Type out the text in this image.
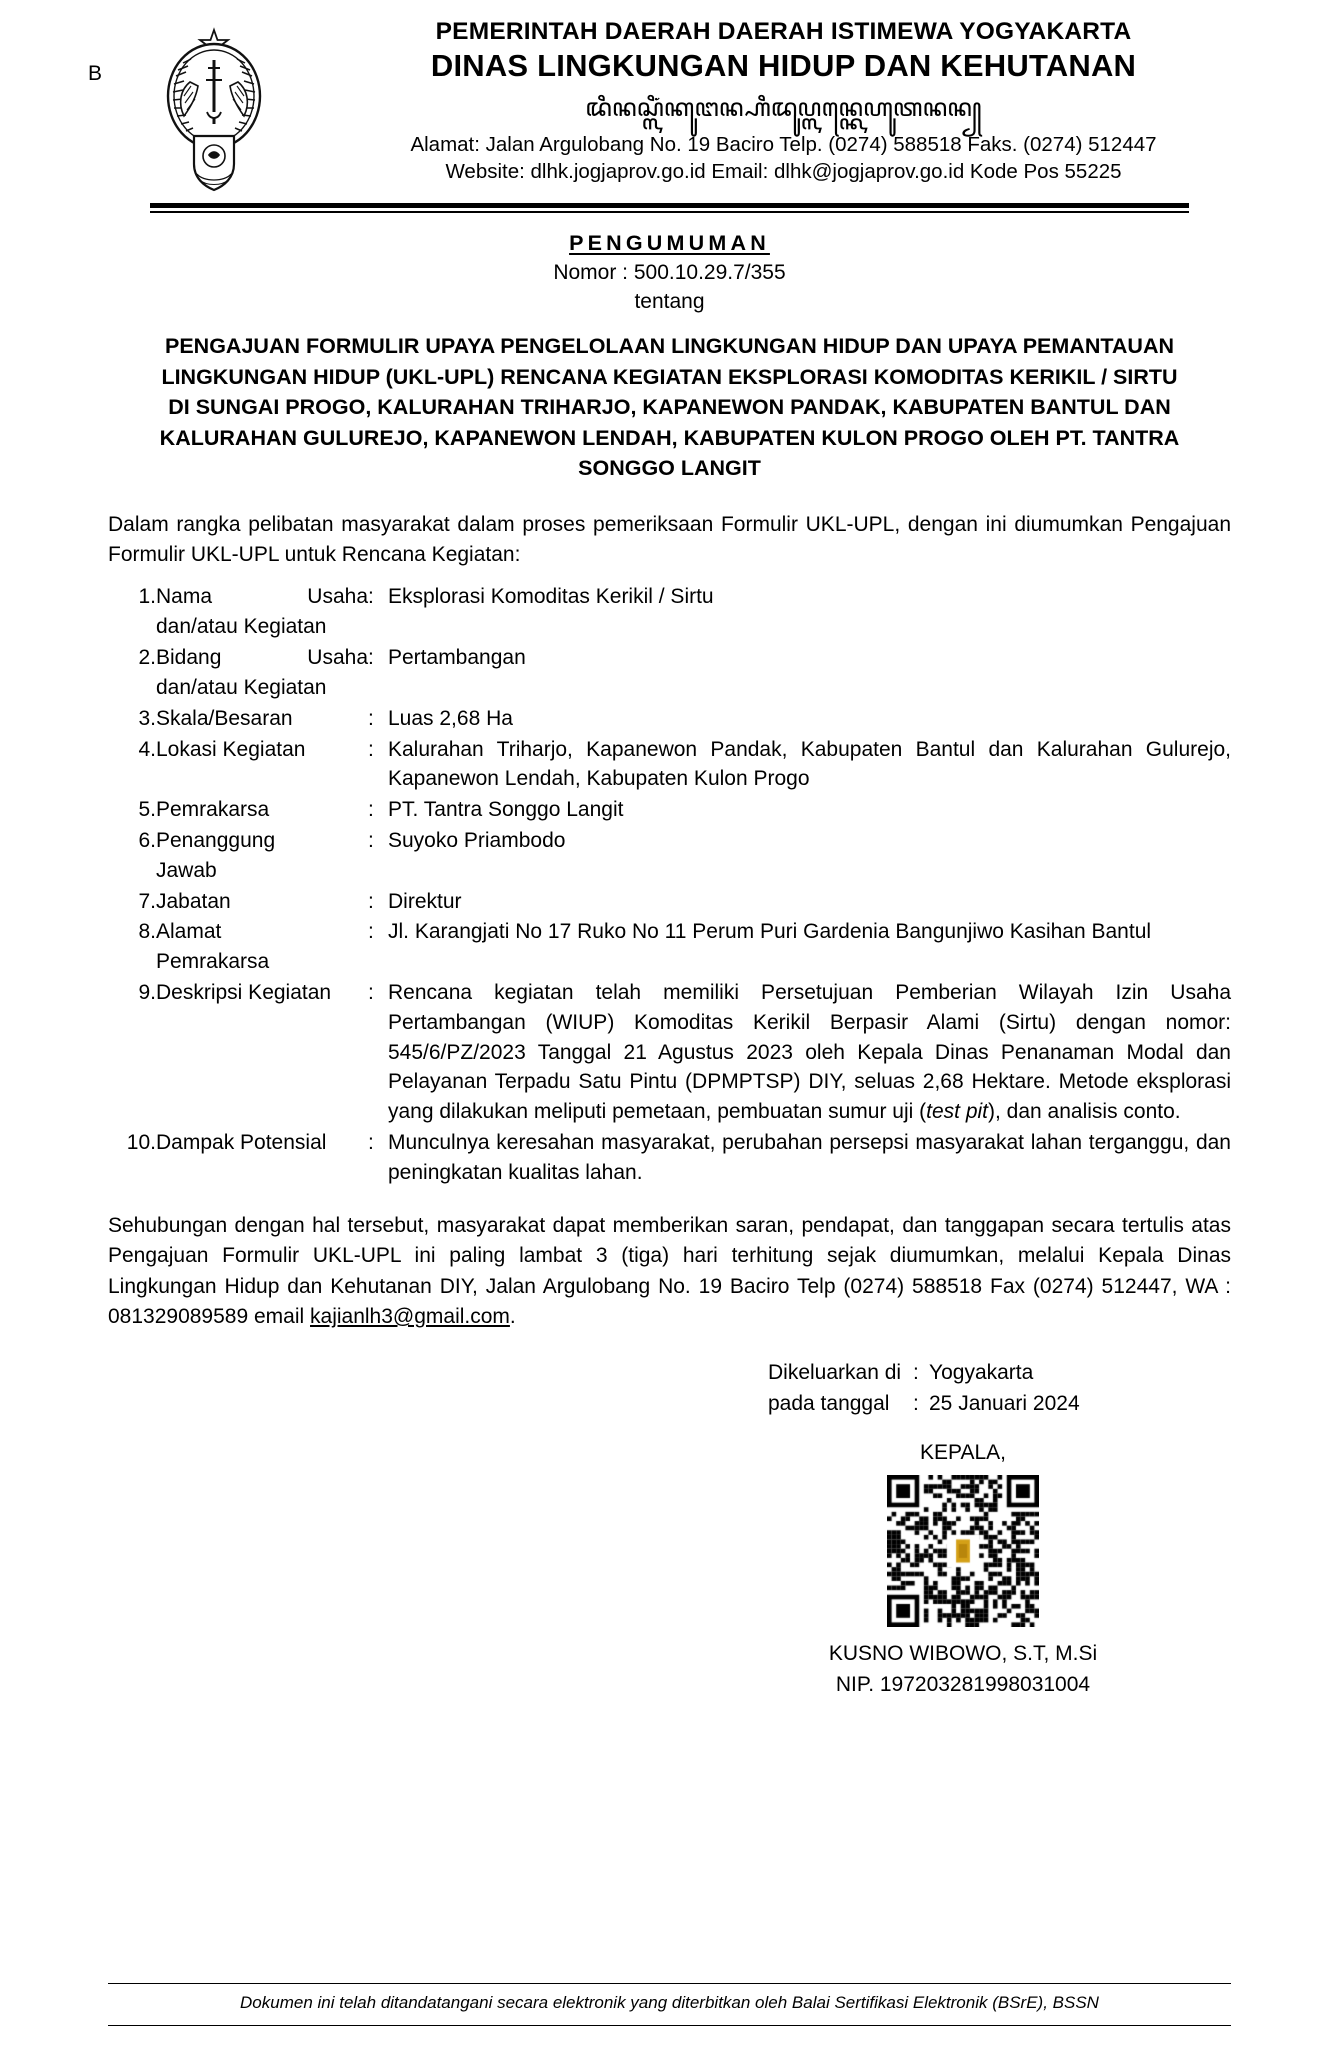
B
PEMERINTAH DAERAH DAERAH ISTIMEWA YOGYAKARTA
DINAS LINGKUNGAN HIDUP DAN KEHUTANAN
ꦢꦶꦤꦱ꧀ꦭꦶꦁꦏꦸꦔꦤ꧀ꦲꦶꦢꦸꦥ꧀ꦭꦤ꧀ꦏꦺꦲꦸꦠꦤꦤ꧀
Alamat: Jalan Argulobang No. 19 Baciro Telp. (0274) 588518 Faks. (0274) 512447
Website: dlhk.jogjaprov.go.id Email: dlhk@jogjaprov.go.id Kode Pos 55225
PENGUMUMAN
Nomor : 500.10.29.7/355
tentang
PENGAJUAN FORMULIR UPAYA PENGELOLAAN LINGKUNGAN HIDUP DAN UPAYA PEMANTAUAN LINGKUNGAN HIDUP (UKL-UPL) RENCANA KEGIATAN EKSPLORASI KOMODITAS KERIKIL / SIRTU DI SUNGAI PROGO, KALURAHAN TRIHARJO, KAPANEWON PANDAK, KABUPATEN BANTUL DAN KALURAHAN GULUREJO, KAPANEWON LENDAH, KABUPATEN KULON PROGO OLEH PT. TANTRA SONGGO LANGIT
Dalam rangka pelibatan masyarakat dalam proses pemeriksaan Formulir UKL-UPL, dengan ini diumumkan Pengajuan Formulir UKL-UPL untuk Rencana Kegiatan:
1.	Nama Usaha
dan/atau Kegiatan	:	Eksplorasi Komoditas Kerikil / Sirtu
2.	Bidang Usaha
dan/atau Kegiatan	:	Pertambangan
3.	Skala/Besaran	:	Luas 2,68 Ha
4.	Lokasi Kegiatan	:	Kalurahan Triharjo, Kapanewon Pandak, Kabupaten Bantul dan Kalurahan Gulurejo, Kapanewon Lendah, Kabupaten Kulon Progo
5.	Pemrakarsa	:	PT. Tantra Songgo Langit
6.	Penanggung
Jawab	:	Suyoko Priambodo
7.	Jabatan	:	Direktur
8.	Alamat
Pemrakarsa	:	Jl. Karangjati No 17 Ruko No 11 Perum Puri Gardenia Bangunjiwo Kasihan Bantul
9.	Deskripsi Kegiatan	:	Rencana kegiatan telah memiliki Persetujuan Pemberian Wilayah Izin Usaha Pertambangan (WIUP) Komoditas Kerikil Berpasir Alami (Sirtu) dengan nomor: 545/6/PZ/2023 Tanggal 21 Agustus 2023 oleh Kepala Dinas Penanaman Modal dan Pelayanan Terpadu Satu Pintu (DPMPTSP) DIY, seluas 2,68 Hektare. Metode eksplorasi yang dilakukan meliputi pemetaan, pembuatan sumur uji (test pit), dan analisis conto.
10.	Dampak Potensial	:	Munculnya keresahan masyarakat, perubahan persepsi masyarakat lahan terganggu, dan peningkatan kualitas lahan.
Sehubungan dengan hal tersebut, masyarakat dapat memberikan saran, pendapat, dan tanggapan secara tertulis atas Pengajuan Formulir UKL-UPL ini paling lambat 3 (tiga) hari terhitung sejak diumumkan, melalui Kepala Dinas Lingkungan Hidup dan Kehutanan DIY, Jalan Argulobang No. 19 Baciro Telp (0274) 588518 Fax (0274) 512447, WA : 081329089589 email kajianlh3@gmail.com.
Dikeluarkan di : Yogyakarta
pada tanggal	: 25 Januari 2024
KEPALA,
KUSNO WIBOWO, S.T, M.Si
NIP. 197203281998031004
Dokumen ini telah ditandatangani secara elektronik yang diterbitkan oleh Balai Sertifikasi Elektronik (BSrE), BSSN
